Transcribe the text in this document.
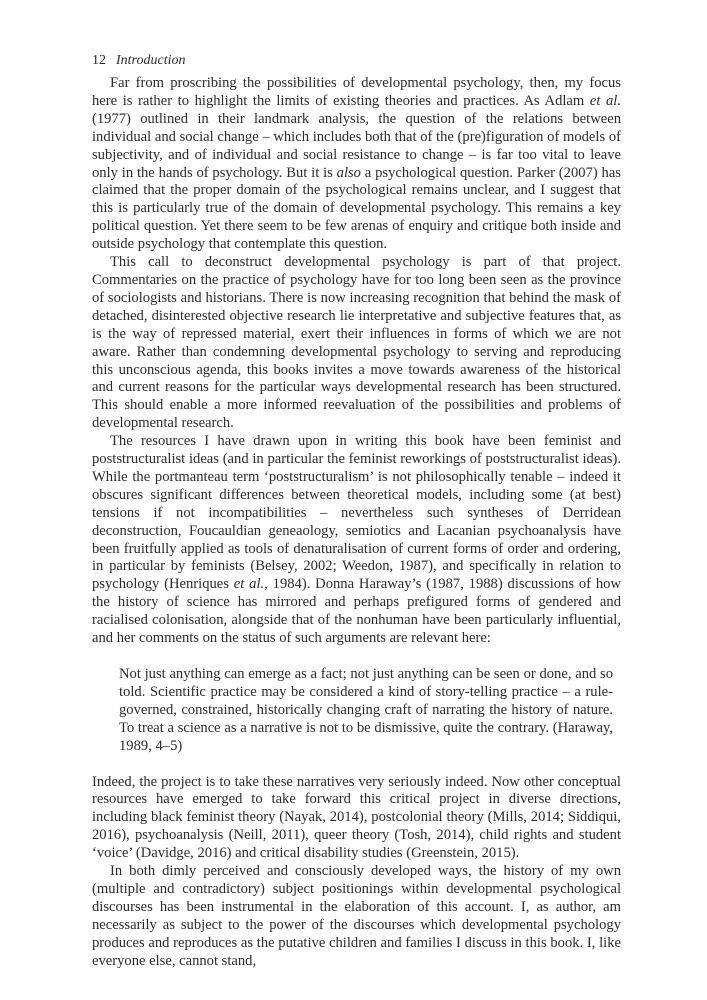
12 Introduction

Far from proscribing the possibilities of developmental psychology, then, my focus here is rather to highlight the limits of existing theories and practices. As Adlam et al. (1977) outlined in their landmark analysis, the question of the relations between individual and social change – which includes both that of the (pre)figuration of models of subjectivity, and of individual and social resistance to change – is far too vital to leave only in the hands of psychology. But it is also a psychological question. Parker (2007) has claimed that the proper domain of the psychological remains unclear, and I suggest that this is particularly true of the domain of developmental psychology. This remains a key political question. Yet there seem to be few arenas of enquiry and critique both inside and outside psychology that contemplate this question.

This call to deconstruct developmental psychology is part of that project. Commentaries on the practice of psychology have for too long been seen as the province of sociologists and historians. There is now increasing recognition that behind the mask of detached, disinterested objective research lie interpretative and subjective features that, as is the way of repressed material, exert their influences in forms of which we are not aware. Rather than condemning developmental psychology to serving and reproducing this unconscious agenda, this books invites a move towards awareness of the historical and current reasons for the particular ways developmental research has been structured. This should enable a more informed reevaluation of the possibilities and problems of developmental research.

The resources I have drawn upon in writing this book have been feminist and poststructuralist ideas (and in particular the feminist reworkings of poststructuralist ideas). While the portmanteau term ‘poststructuralism’ is not philosophically tenable – indeed it obscures significant differences between theoretical models, including some (at best) tensions if not incompatibilities – nevertheless such syntheses of Derridean deconstruction, Foucauldian geneaology, semiotics and Lacanian psychoanalysis have been fruitfully applied as tools of denaturalisation of current forms of order and ordering, in particular by feminists (Belsey, 2002; Weedon, 1987), and specifically in relation to psychology (Henriques et al., 1984). Donna Haraway’s (1987, 1988) discussions of how the history of science has mirrored and perhaps prefigured forms of gendered and racialised colonisation, alongside that of the nonhuman have been particularly influential, and her comments on the status of such arguments are relevant here:

Not just anything can emerge as a fact; not just anything can be seen or done, and so told. Scientific practice may be considered a kind of story-telling practice – a rule-governed, constrained, historically changing craft of narrating the history of nature. To treat a science as a narrative is not to be dismissive, quite the contrary. (Haraway, 1989, 4–5)

Indeed, the project is to take these narratives very seriously indeed. Now other conceptual resources have emerged to take forward this critical project in diverse directions, including black feminist theory (Nayak, 2014), postcolonial theory (Mills, 2014; Siddiqui, 2016), psychoanalysis (Neill, 2011), queer theory (Tosh, 2014), child rights and student ‘voice’ (Davidge, 2016) and critical disability studies (Greenstein, 2015).

In both dimly perceived and consciously developed ways, the history of my own (multiple and contradictory) subject positionings within developmental psychological discourses has been instrumental in the elaboration of this account. I, as author, am necessarily as subject to the power of the discourses which developmental psychology produces and reproduces as the putative children and families I discuss in this book. I, like everyone else, cannot stand,
